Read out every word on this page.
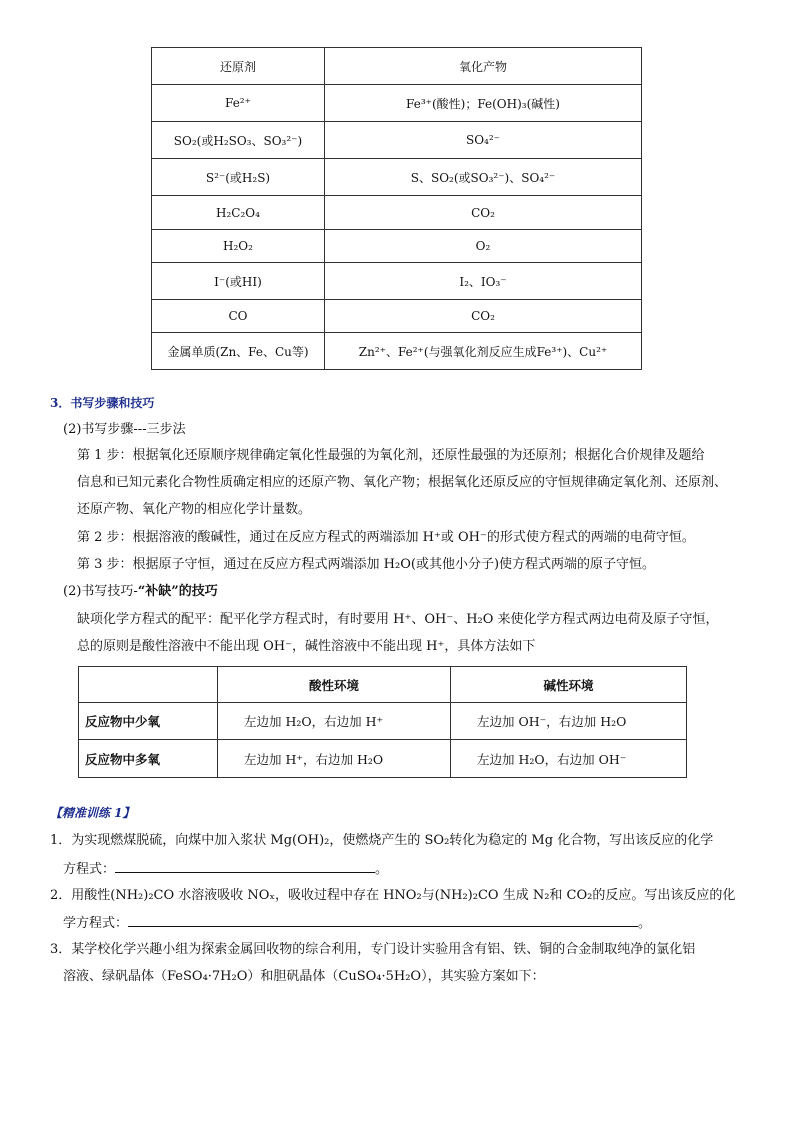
还原剂	氧化产物
Fe²⁺	Fe³⁺(酸性)；Fe(OH)₃(碱性)
SO₂(或H₂SO₃、SO₃²⁻)	SO₄²⁻
S²⁻(或H₂S)	S、SO₂(或SO₃²⁻)、SO₄²⁻
H₂C₂O₄	CO₂
H₂O₂	O₂
I⁻(或HI)	I₂、IO₃⁻
CO	CO₂
金属单质(Zn、Fe、Cu等)	Zn²⁺、Fe²⁺(与强氧化剂反应生成Fe³⁺)、Cu²⁺
3．书写步骤和技巧
(2)书写步骤---三步法
第 1 步：根据氧化还原顺序规律确定氧化性最强的为氧化剂，还原性最强的为还原剂；根据化合价规律及题给
信息和已知元素化合物性质确定相应的还原产物、氧化产物；根据氧化还原反应的守恒规律确定氧化剂、还原剂、
还原产物、氧化产物的相应化学计量数。
第 2 步：根据溶液的酸碱性，通过在反应方程式的两端添加 H⁺或 OH⁻的形式使方程式的两端的电荷守恒。
第 3 步：根据原子守恒，通过在反应方程式两端添加 H₂O(或其他小分子)使方程式两端的原子守恒。
(2)书写技巧-“补缺”的技巧
缺项化学方程式的配平：配平化学方程式时，有时要用 H⁺、OH⁻、H₂O 来使化学方程式两边电荷及原子守恒，
总的原则是酸性溶液中不能出现 OH⁻，碱性溶液中不能出现 H⁺，具体方法如下
	酸性环境	碱性环境
反应物中少氧	左边加 H₂O，右边加 H⁺	左边加 OH⁻，右边加 H₂O
反应物中多氧	左边加 H⁺，右边加 H₂O	左边加 H₂O，右边加 OH⁻
【精准训练 1】
1．为实现燃煤脱硫，向煤中加入浆状 Mg(OH)₂，使燃烧产生的 SO₂转化为稳定的 Mg 化合物，写出该反应的化学
方程式：	。
2．用酸性(NH₂)₂CO 水溶液吸收 NOₓ，吸收过程中存在 HNO₂与(NH₂)₂CO 生成 N₂和 CO₂的反应。写出该反应的化
学方程式：	。
3．某学校化学兴趣小组为探索金属回收物的综合利用，专门设计实验用含有铝、铁、铜的合金制取纯净的氯化铝
溶液、绿矾晶体（FeSO₄·7H₂O）和胆矾晶体（CuSO₄·5H₂O），其实验方案如下：
